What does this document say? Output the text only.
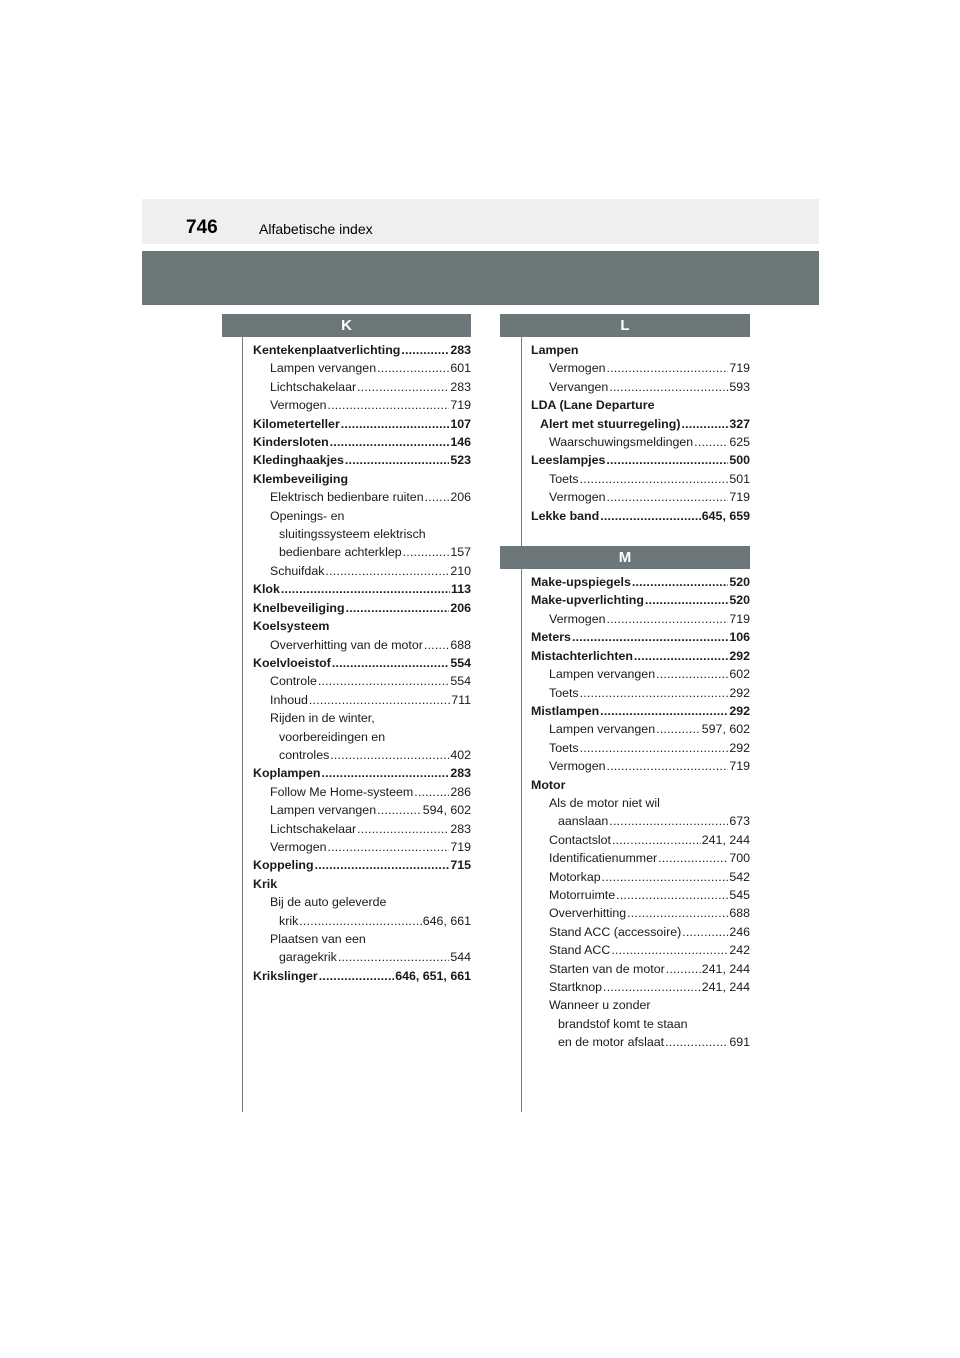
746	Alfabetische index
K
Kentekenplaatverlichting .....	283
Lampen vervangen .....	601
Lichtschakelaar .....	283
Vermogen .....	719
Kilometerteller .....	107
Kindersloten .....	146
Kledinghaakjes .....	523
Klembeveiliging
Elektrisch bedienbare ruiten ..... 206
Openings- en
sluitingssysteem elektrisch
bedienbare achterklep .....	157
Schuifdak .....	210
Klok .....	113
Knelbeveiliging .....	206
Koelsysteem
Oververhitting van de motor ..... 688
Koelvloeistof .....	554
Controle .....	554
Inhoud .....	711
Rijden in de winter,
voorbereidingen en
controles .....	402
Koplampen .....	283
Follow Me Home-systeem .....	286
Lampen vervangen .....	594, 602
Lichtschakelaar .....	283
Vermogen .....	719
Koppeling .....	715
Krik
Bij de auto geleverde
krik .....	646, 661
Plaatsen van een
garagekrik .....	544
Krikslinger .....	646, 651, 661
L
Lampen
Vermogen .....	719
Vervangen .....	593
LDA (Lane Departure
Alert met stuurregeling) .....	327
Waarschuwingsmeldingen .....	625
Leeslampjes .....	500
Toets .....	501
Vermogen .....	719
Lekke band .....	645, 659
M
Make-upspiegels .....	520
Make-upverlichting .....	520
Vermogen .....	719
Meters .....	106
Mistachterlichten .....	292
Lampen vervangen .....	602
Toets .....	292
Mistlampen .....	292
Lampen vervangen .....	597, 602
Toets .....	292
Vermogen .....	719
Motor
Als de motor niet wil
aanslaan .....	673
Contactslot .....	241, 244
Identificatienummer .....	700
Motorkap .....	542
Motorruimte .....	545
Oververhitting .....	688
Stand ACC (accessoire) .....	246
Stand ACC .....	242
Starten van de motor .....	241, 244
Startknop .....	241, 244
Wanneer u zonder
brandstof komt te staan
en de motor afslaat .....	691
